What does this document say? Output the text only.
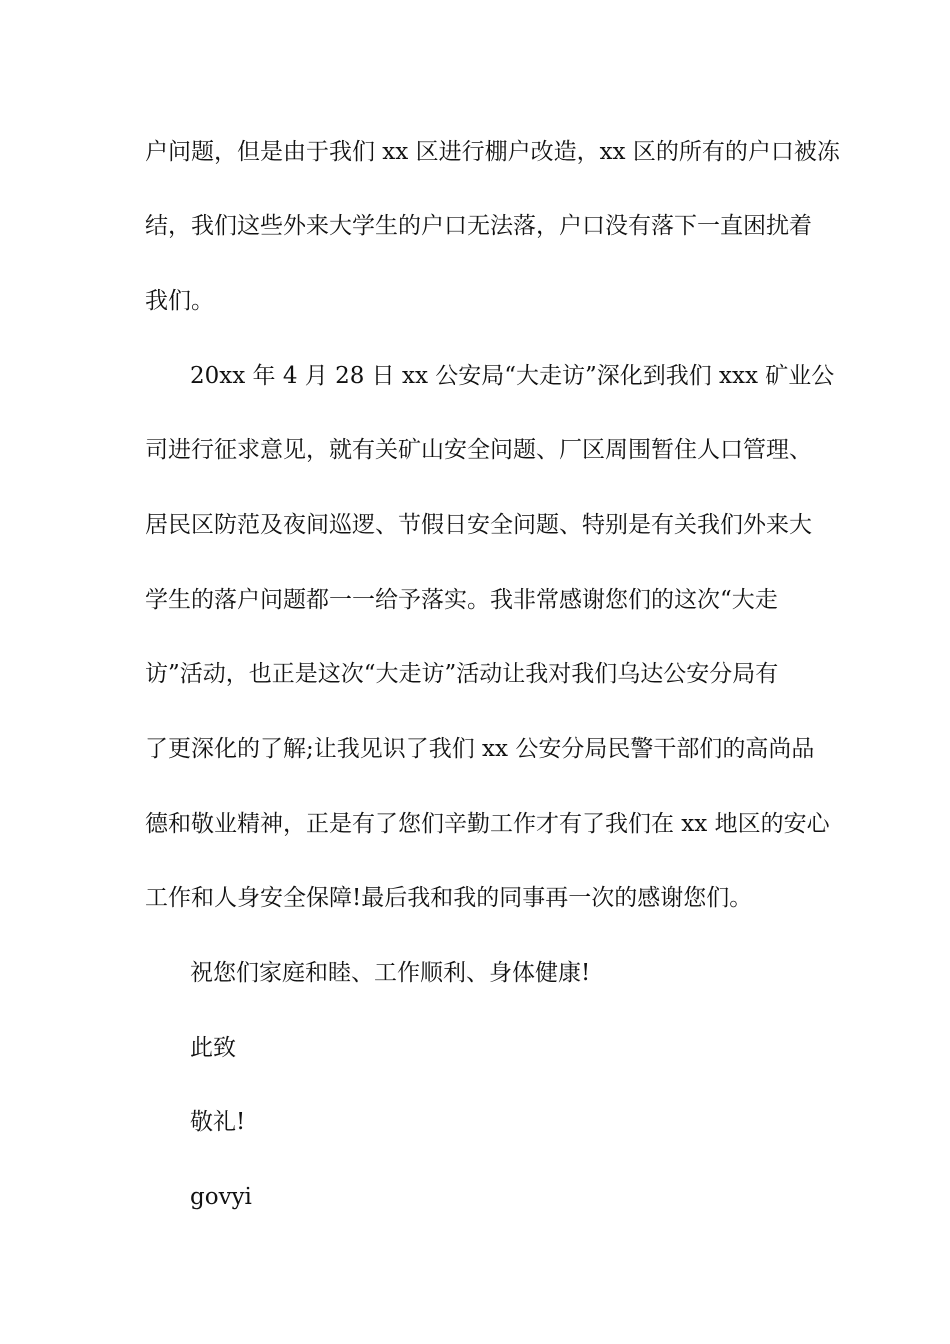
户问题，但是由于我们 xx 区进行棚户改造，xx 区的所有的户口被冻
结，我们这些外来大学生的户口无法落，户口没有落下一直困扰着
我们。
20xx 年 4 月 28 日 xx 公安局“大走访”深化到我们 xxx 矿业公
司进行征求意见，就有关矿山安全问题、厂区周围暂住人口管理、
居民区防范及夜间巡逻、节假日安全问题、特别是有关我们外来大
学生的落户问题都一一给予落实。我非常感谢您们的这次“大走
访”活动，也正是这次“大走访”活动让我对我们乌达公安分局有
了更深化的了解;让我见识了我们 xx 公安分局民警干部们的高尚品
德和敬业精神，正是有了您们辛勤工作才有了我们在 xx 地区的安心
工作和人身安全保障!最后我和我的同事再一次的感谢您们。
祝您们家庭和睦、工作顺利、身体健康!
此致
敬礼!
govyi
